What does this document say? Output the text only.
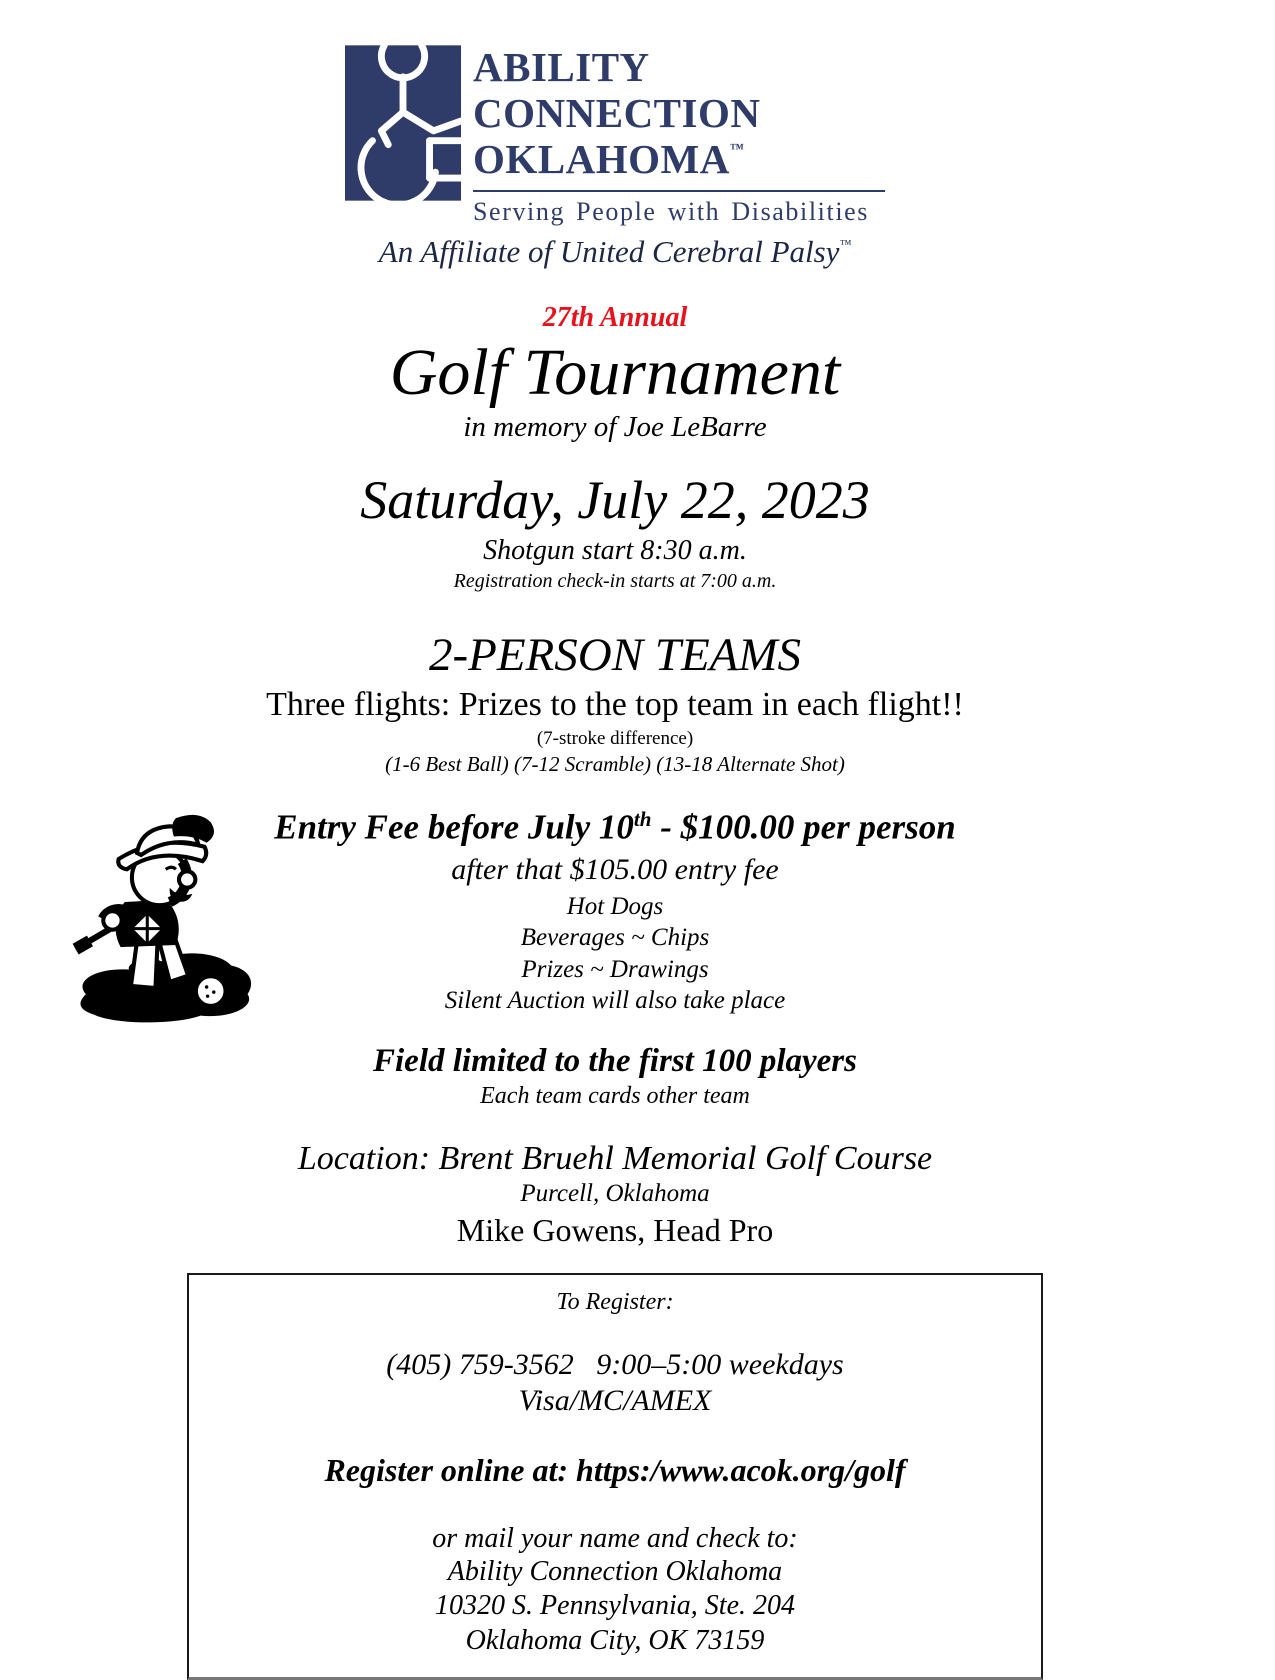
ABILITY
CONNECTION
OKLAHOMA™
Serving People with Disabilities
An Affiliate of United Cerebral Palsy™
27th Annual
Golf Tournament
in memory of Joe LeBarre
Saturday, July 22, 2023
Shotgun start 8:30 a.m.
Registration check-in starts at 7:00 a.m.
2-PERSON TEAMS
Three flights: Prizes to the top team in each flight!!
(7-stroke difference)
(1-6 Best Ball) (7-12 Scramble) (13-18 Alternate Shot)
Entry Fee before July 10th - $100.00 per person
after that $105.00 entry fee
Hot Dogs
Beverages ~ Chips
Prizes ~ Drawings
Silent Auction will also take place
Field limited to the first 100 players
Each team cards other team
Location: Brent Bruehl Memorial Golf Course
Purcell, Oklahoma
Mike Gowens, Head Pro
To Register:
(405) 759-3562   9:00–5:00 weekdays
Visa/MC/AMEX
Register online at: https:/www.acok.org/golf
or mail your name and check to:
Ability Connection Oklahoma
10320 S. Pennsylvania, Ste. 204
Oklahoma City, OK 73159
